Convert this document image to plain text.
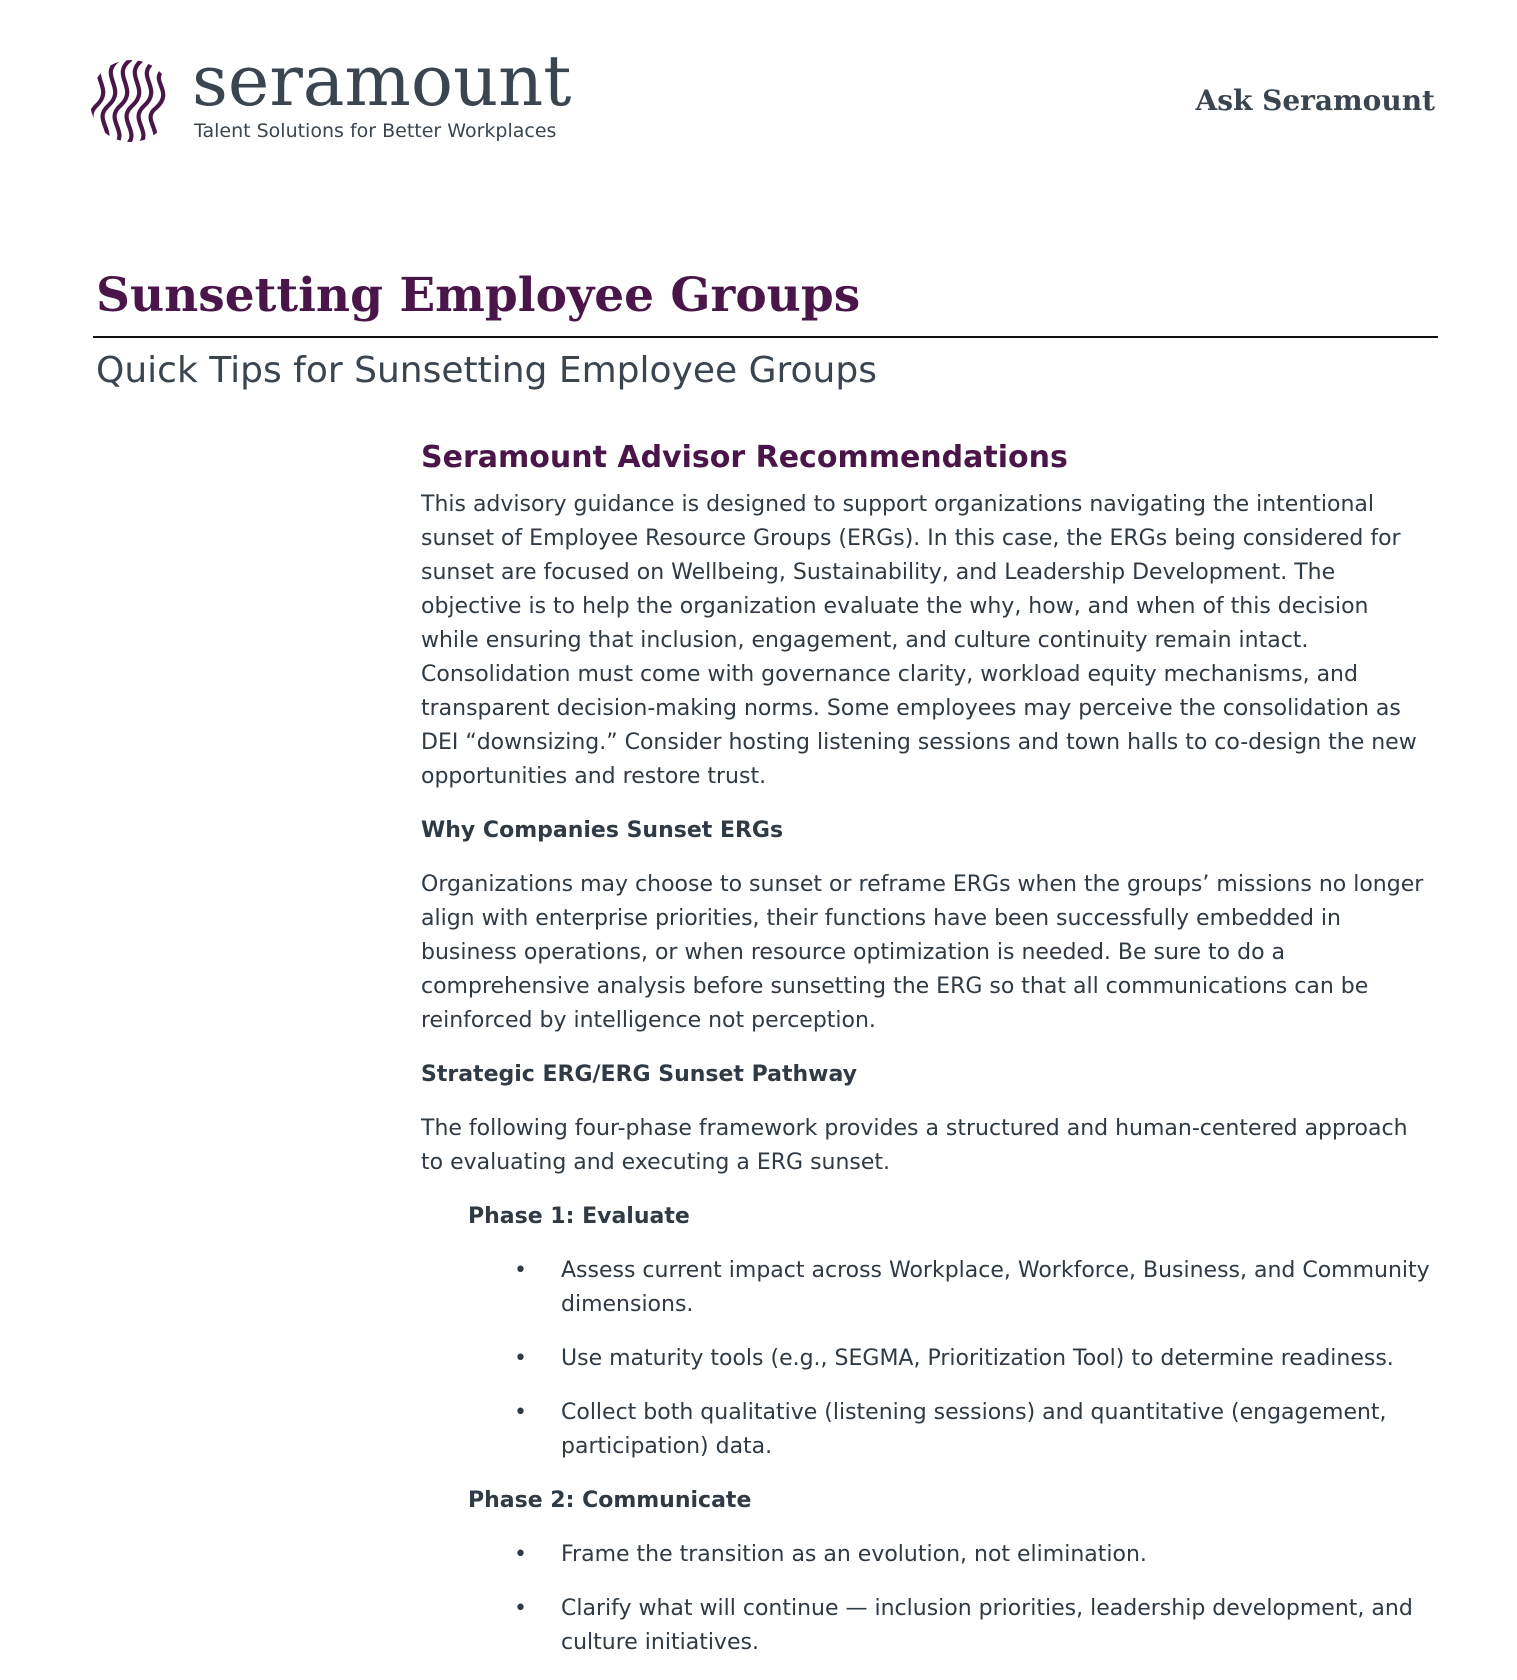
seramount
Talent Solutions for Better Workplaces
Ask Seramount
Sunsetting Employee Groups
Quick Tips for Sunsetting Employee Groups
Seramount Advisor Recommendations

This advisory guidance is designed to support organizations navigating the intentional sunset of Employee Resource Groups (ERGs). In this case, the ERGs being considered for sunset are focused on Wellbeing, Sustainability, and Leadership Development. The objective is to help the organization evaluate the why, how, and when of this decision while ensuring that inclusion, engagement, and culture continuity remain intact. Consolidation must come with governance clarity, workload equity mechanisms, and transparent decision-making norms. Some employees may perceive the consolidation as DEI “downsizing.” Consider hosting listening sessions and town halls to co-design the new opportunities and restore trust.

Why Companies Sunset ERGs

Organizations may choose to sunset or reframe ERGs when the groups’ missions no longer align with enterprise priorities, their functions have been successfully embedded in business operations, or when resource optimization is needed. Be sure to do a comprehensive analysis before sunsetting the ERG so that all communications can be reinforced by intelligence not perception.

Strategic ERG/ERG Sunset Pathway

The following four-phase framework provides a structured and human-centered approach to evaluating and executing a ERG sunset.

Phase 1: Evaluate
• Assess current impact across Workplace, Workforce, Business, and Community dimensions.
• Use maturity tools (e.g., SEGMA, Prioritization Tool) to determine readiness.
• Collect both qualitative (listening sessions) and quantitative (engagement, participation) data.
Phase 2: Communicate
• Frame the transition as an evolution, not elimination.
• Clarify what will continue — inclusion priorities, leadership development, and culture initiatives.
